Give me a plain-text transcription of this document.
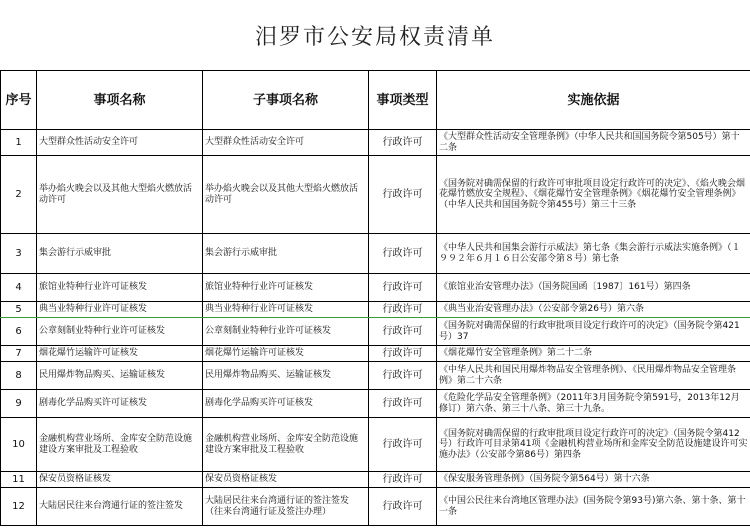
汨罗市公安局权责清单
序号	事项名称	子事项名称	事项类型	实施依据
1	大型群众性活动安全许可	大型群众性活动安全许可	行政许可	《大型群众性活动安全管理条例》（中华人民共和国国务院令第505号）第十二条
2	举办焰火晚会以及其他大型焰火燃放活动许可	举办焰火晚会以及其他大型焰火燃放活动许可	行政许可	《国务院对确需保留的行政许可审批项目设定行政许可的决定》、《焰火晚会烟花爆竹燃放安全规程》、《烟花爆竹安全管理条例》《烟花爆竹安全管理条例》（中华人民共和国国务院令第455号）第三十三条
3	集会游行示威审批	集会游行示威审批	行政许可	《中华人民共和国集会游行示威法》第七条《集会游行示威法实施条例》（１９９２年６月１６日公安部令第８号）第七条
4	旅馆业特种行业许可证核发	旅馆业特种行业许可证核发	行政许可	《旅馆业治安管理办法》（国务院国函〔1987〕161号）第四条
5	典当业特种行业许可证核发	典当业特种行业许可证核发	行政许可	《典当业治安管理办法》（公安部令第26号）第六条
6	公章刻制业特种行业许可证核发	公章刻制业特种行业许可证核发	行政许可	《国务院对确需保留的行政审批项目设定行政许可的决定》（国务院令第421号）37
7	烟花爆竹运输许可证核发	烟花爆竹运输许可证核发	行政许可	《烟花爆竹安全管理条例》第二十二条
8	民用爆炸物品购买、运输证核发	民用爆炸物品购买、运输证核发	行政许可	《中华人民共和国民用爆炸物品安全管理条例》、《民用爆炸物品安全管理条例》第二十六条
9	剧毒化学品购买许可证核发	剧毒化学品购买许可证核发	行政许可	《危险化学品安全管理条例》（2011年3月国务院令第591号，2013年12月修订）第六条、第三十八条、第三十九条。
10	金融机构营业场所、金库安全防范设施建设方案审批及工程验收	金融机构营业场所、金库安全防范设施建设方案审批及工程验收	行政许可	《国务院对确需保留的行政审批项目设定行政许可的决定》（国务院令第412号）行政许可目录第41项《金融机构营业场所和金库安全防范设施建设许可实施办法》（公安部令第86号）第四条
11	保安员资格证核发	保安员资格证核发	行政许可	《保安服务管理条例》（国务院令第564号）第十六条
12	大陆居民往来台湾通行证的签注签发	大陆居民往来台湾通行证的签注签发（往来台湾通行证及签注办理）	行政许可	《中国公民往来台湾地区管理办法》(国务院令第93号)第六条、第十条、第十一条
